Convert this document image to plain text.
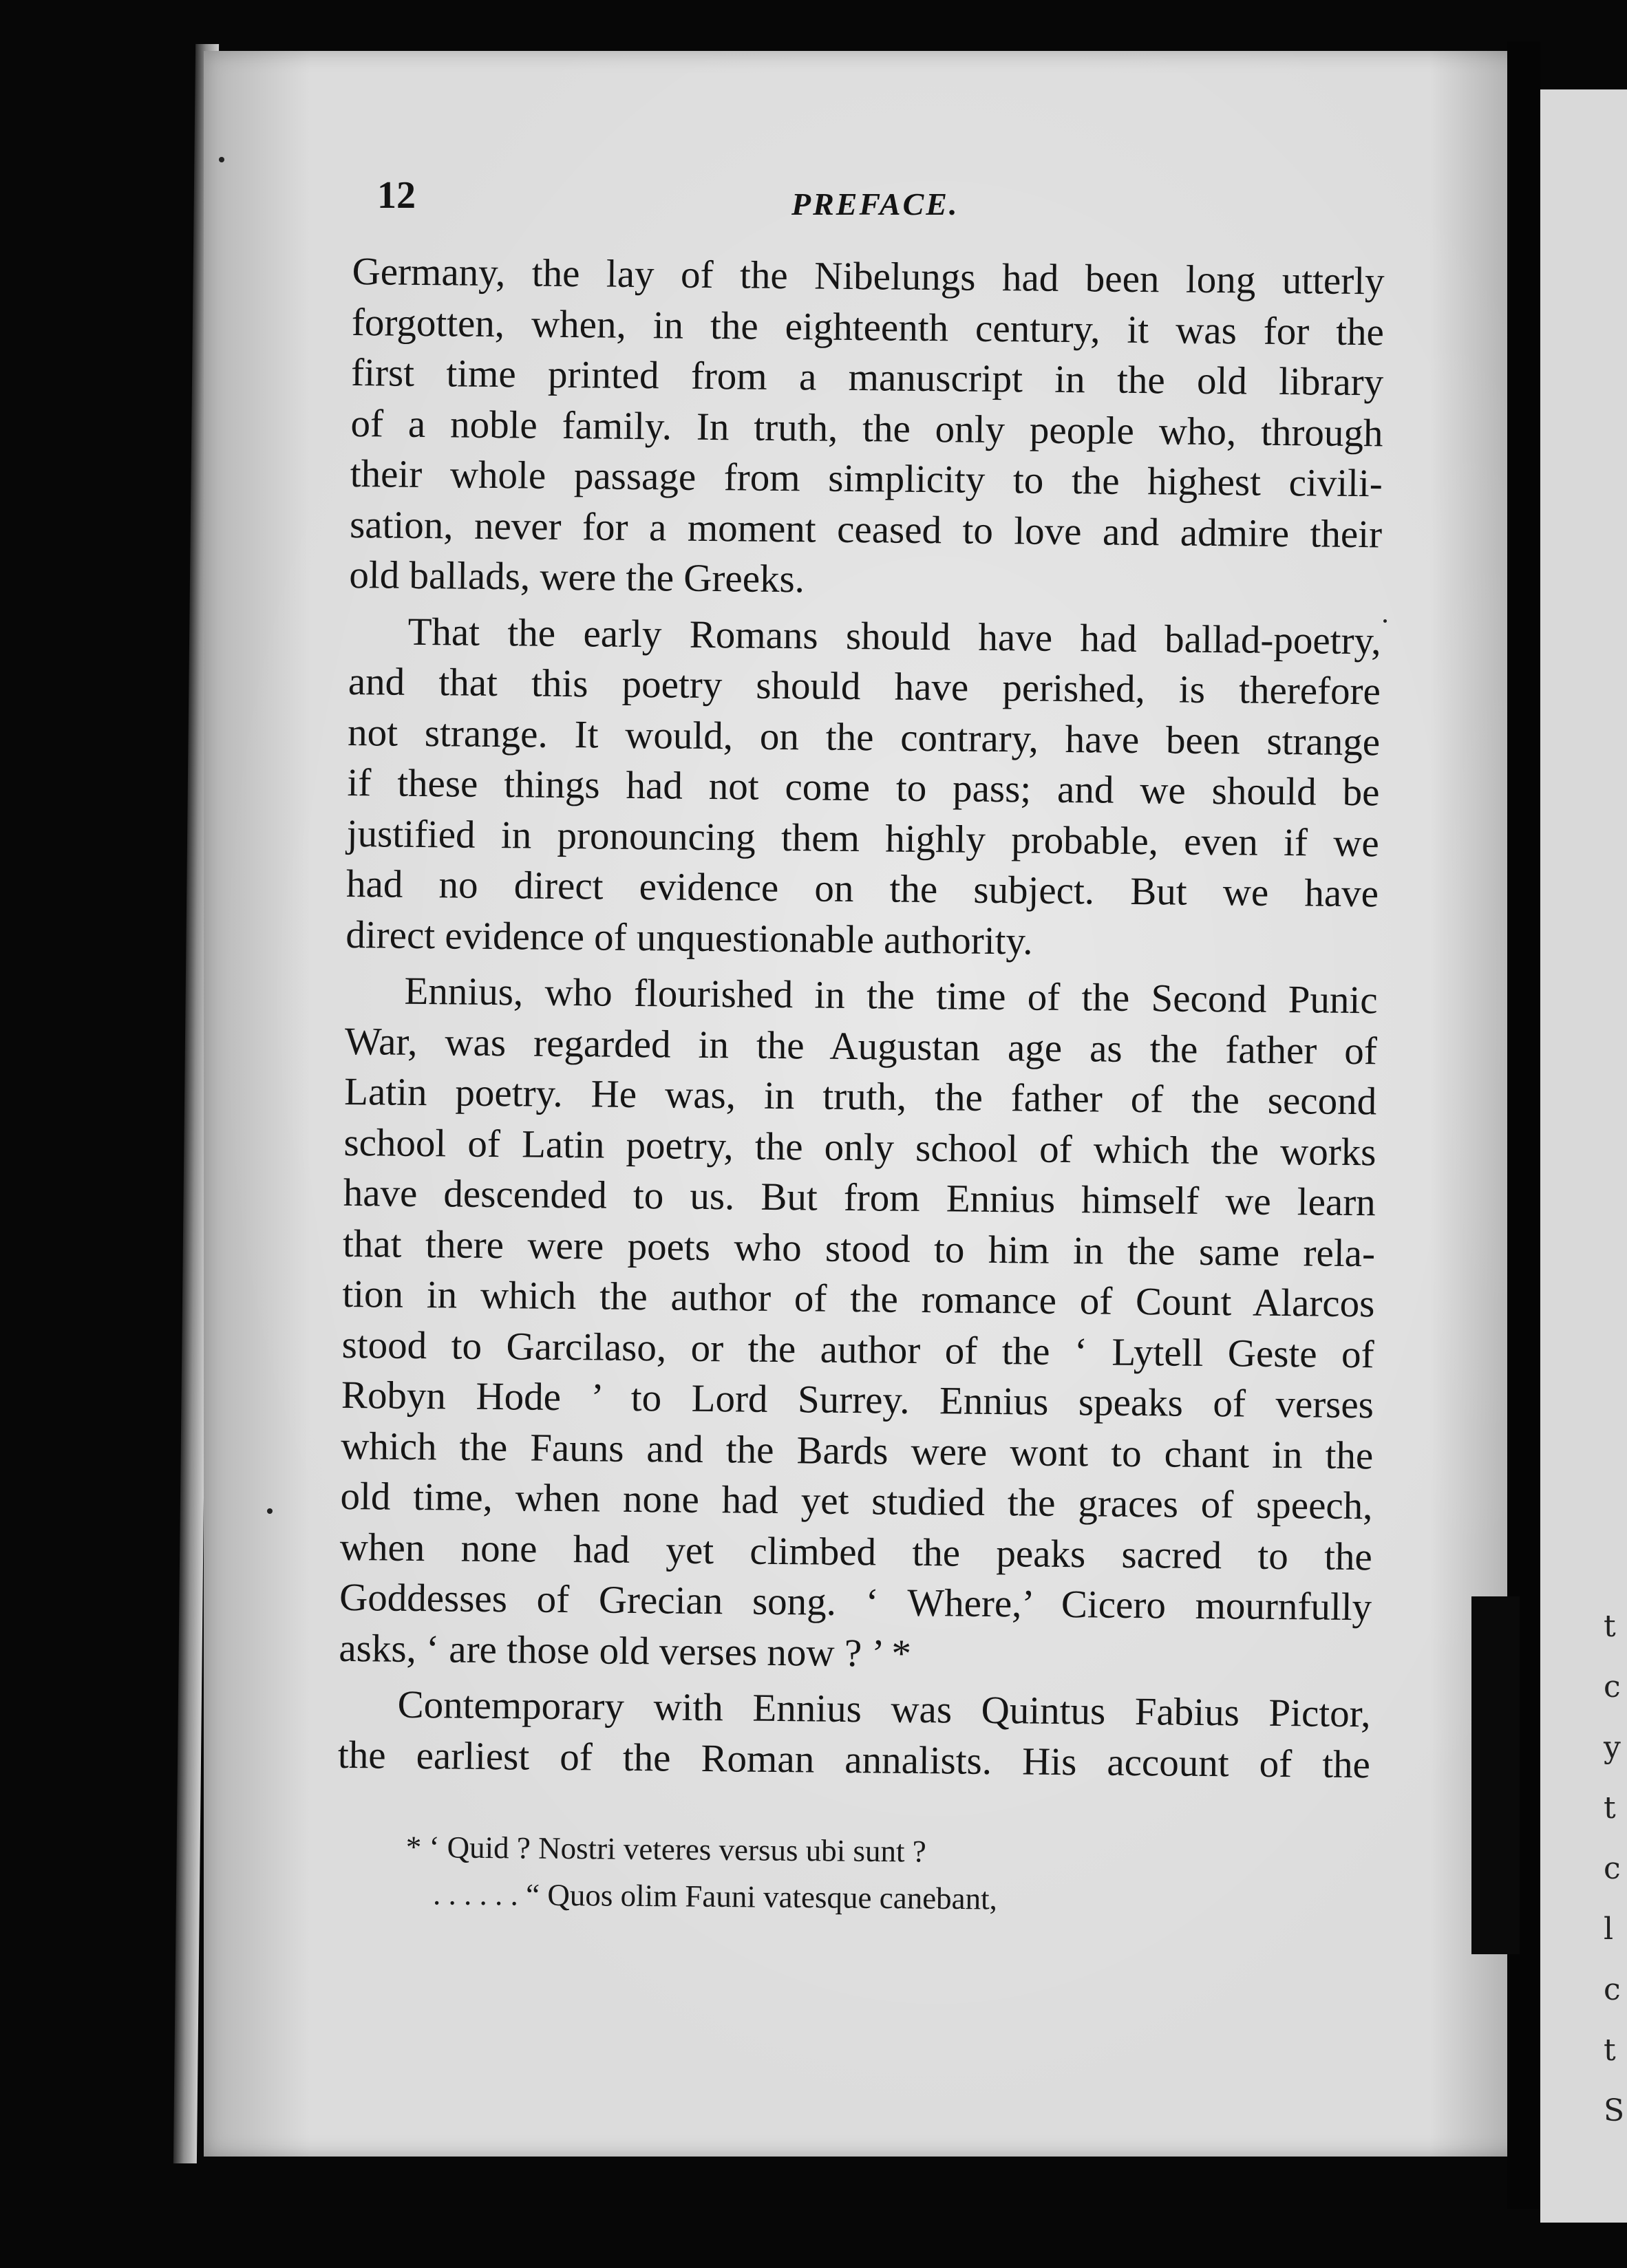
t
c
y
t
c
l
c
t
S
12	PREFACE.
Germany, the lay of the Nibelungs had been long utterly
forgotten, when, in the eighteenth century, it was for the
first time printed from a manuscript in the old library
of a noble family. In truth, the only people who, through
their whole passage from simplicity to the highest civili-
sation, never for a moment ceased to love and admire their
old ballads, were the Greeks.
That the early Romans should have had ballad-poetry,
and that this poetry should have perished, is therefore
not strange. It would, on the contrary, have been strange
if these things had not come to pass; and we should be
justified in pronouncing them highly probable, even if we
had no direct evidence on the subject. But we have
direct evidence of unquestionable authority.
Ennius, who flourished in the time of the Second Punic
War, was regarded in the Augustan age as the father of
Latin poetry. He was, in truth, the father of the second
school of Latin poetry, the only school of which the works
have descended to us. But from Ennius himself we learn
that there were poets who stood to him in the same rela-
tion in which the author of the romance of Count Alarcos
stood to Garcilaso, or the author of the ‘ Lytell Geste of
Robyn Hode ’ to Lord Surrey. Ennius speaks of verses
which the Fauns and the Bards were wont to chant in the
old time, when none had yet studied the graces of speech,
when none had yet climbed the peaks sacred to the
Goddesses of Grecian song. ‘ Where,’ Cicero mournfully
asks, ‘ are those old verses now ? ’ *
Contemporary with Ennius was Quintus Fabius Pictor,
the earliest of the Roman annalists. His account of the
* ‘ Quid ? Nostri veteres versus ubi sunt ?
. . . . . . “ Quos olim Fauni vatesque canebant,
